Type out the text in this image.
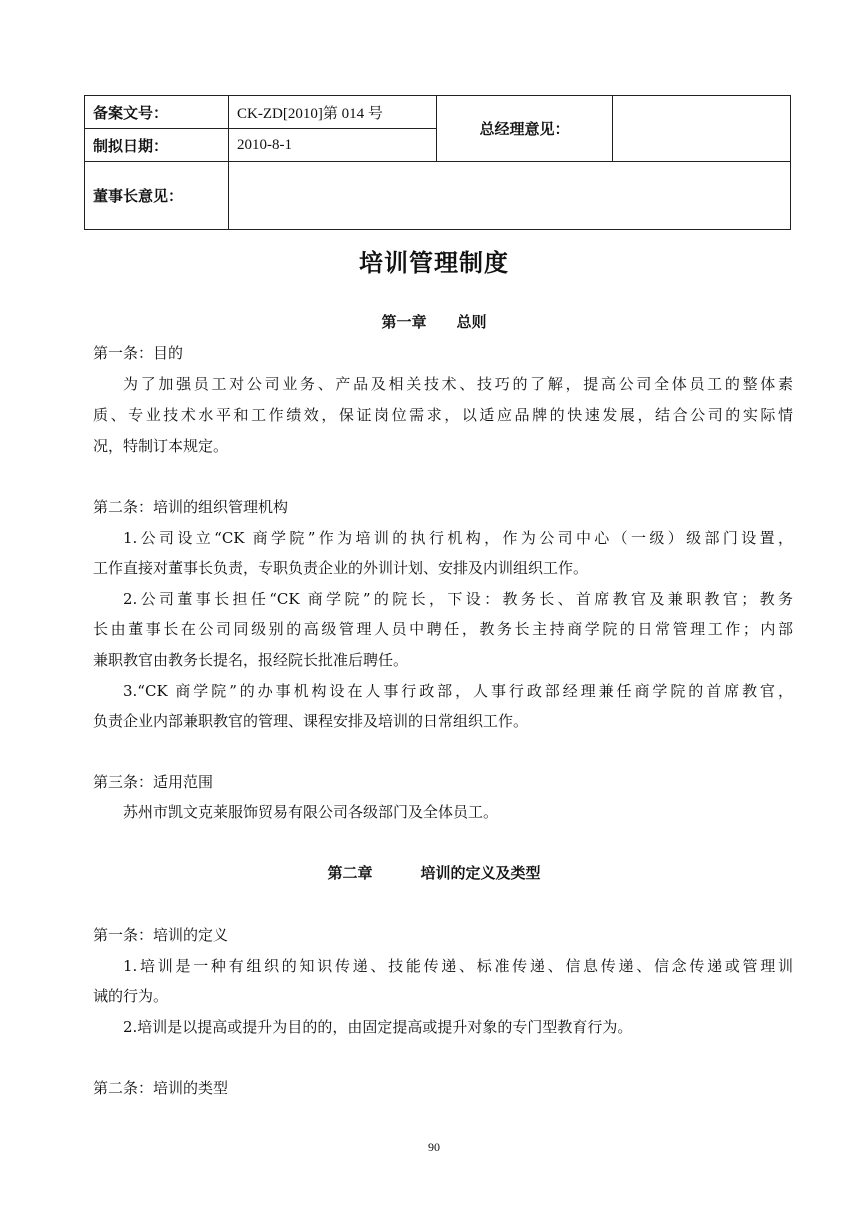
备案文号：	CK-ZD[2010]第 014 号	总经理意见：	
制拟日期：	2010-8-1		
董事长意见：			
培训管理制度
第一章 总则
第一条：目的
为了加强员工对公司业务、产品及相关技术、技巧的了解，提高公司全体员工的整体素
质、专业技术水平和工作绩效，保证岗位需求，以适应品牌的快速发展，结合公司的实际情
况，特制订本规定。
第二条：培训的组织管理机构
1.公司设立“CK 商学院”作为培训的执行机构，作为公司中心（一级）级部门设置，
工作直接对董事长负责，专职负责企业的外训计划、安排及内训组织工作。
2.公司董事长担任“CK 商学院”的院长，下设：教务长、首席教官及兼职教官；教务
长由董事长在公司同级别的高级管理人员中聘任，教务长主持商学院的日常管理工作；内部
兼职教官由教务长提名，报经院长批准后聘任。
3.“CK 商学院”的办事机构设在人事行政部，人事行政部经理兼任商学院的首席教官，
负责企业内部兼职教官的管理、课程安排及培训的日常组织工作。
第三条：适用范围
苏州市凯文克莱服饰贸易有限公司各级部门及全体员工。
第二章	培训的定义及类型
第一条：培训的定义
1.培训是一种有组织的知识传递、技能传递、标准传递、信息传递、信念传递或管理训
诫的行为。
2.培训是以提高或提升为目的的，由固定提高或提升对象的专门型教育行为。
第二条：培训的类型
90
